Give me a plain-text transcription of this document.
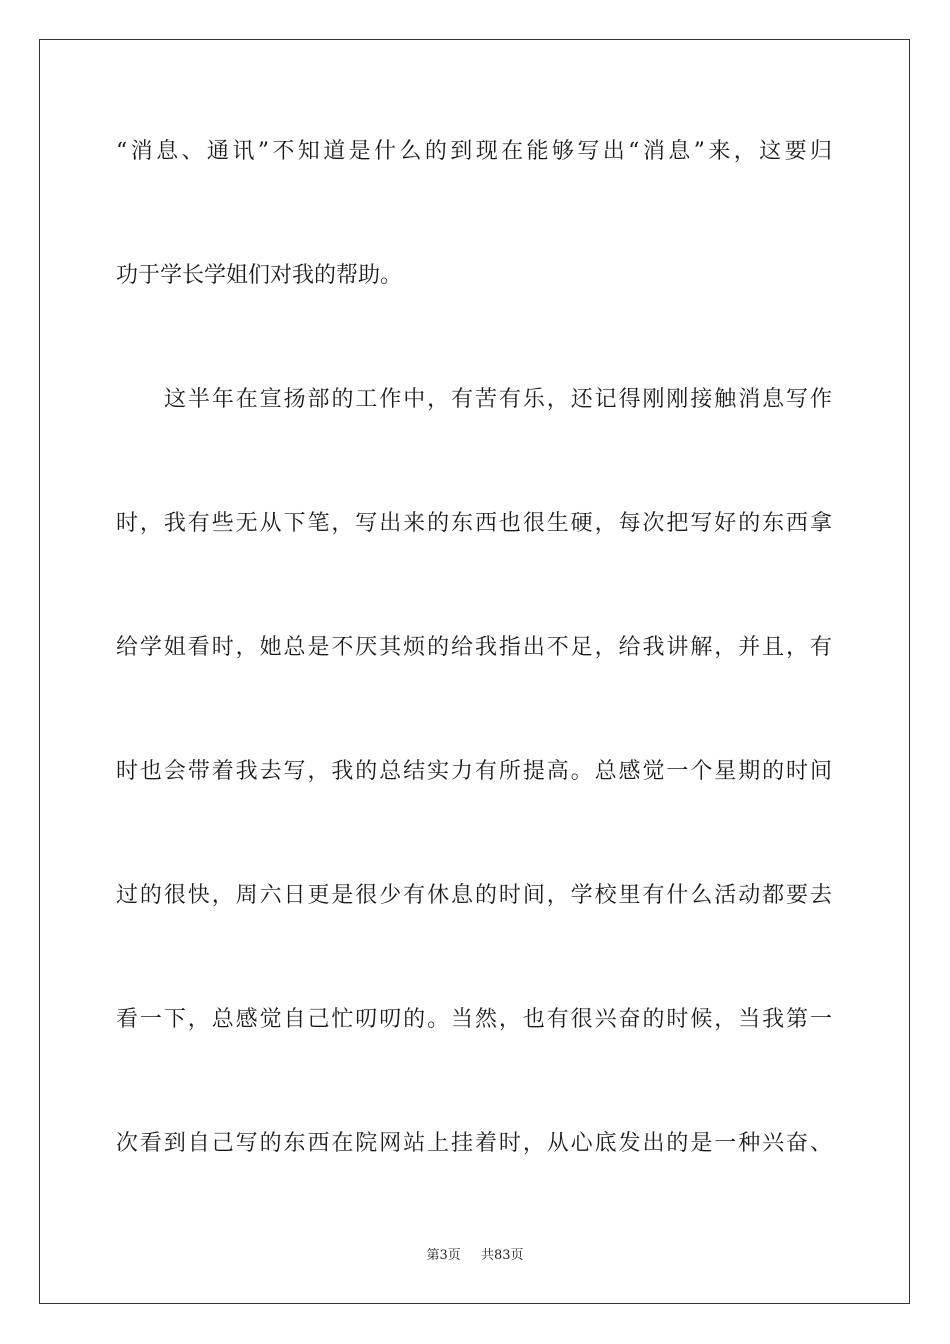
“消息、通讯”不知道是什么的到现在能够写出“消息”来，这要归
功于学长学姐们对我的帮助。
这半年在宣扬部的工作中，有苦有乐，还记得刚刚接触消息写作
时，我有些无从下笔，写出来的东西也很生硬，每次把写好的东西拿
给学姐看时，她总是不厌其烦的给我指出不足，给我讲解，并且，有
时也会带着我去写，我的总结实力有所提高。总感觉一个星期的时间
过的很快，周六日更是很少有休息的时间，学校里有什么活动都要去
看一下，总感觉自己忙叨叨的。当然，也有很兴奋的时候，当我第一
次看到自己写的东西在院网站上挂着时，从心底发出的是一种兴奋、
第3页 共83页
